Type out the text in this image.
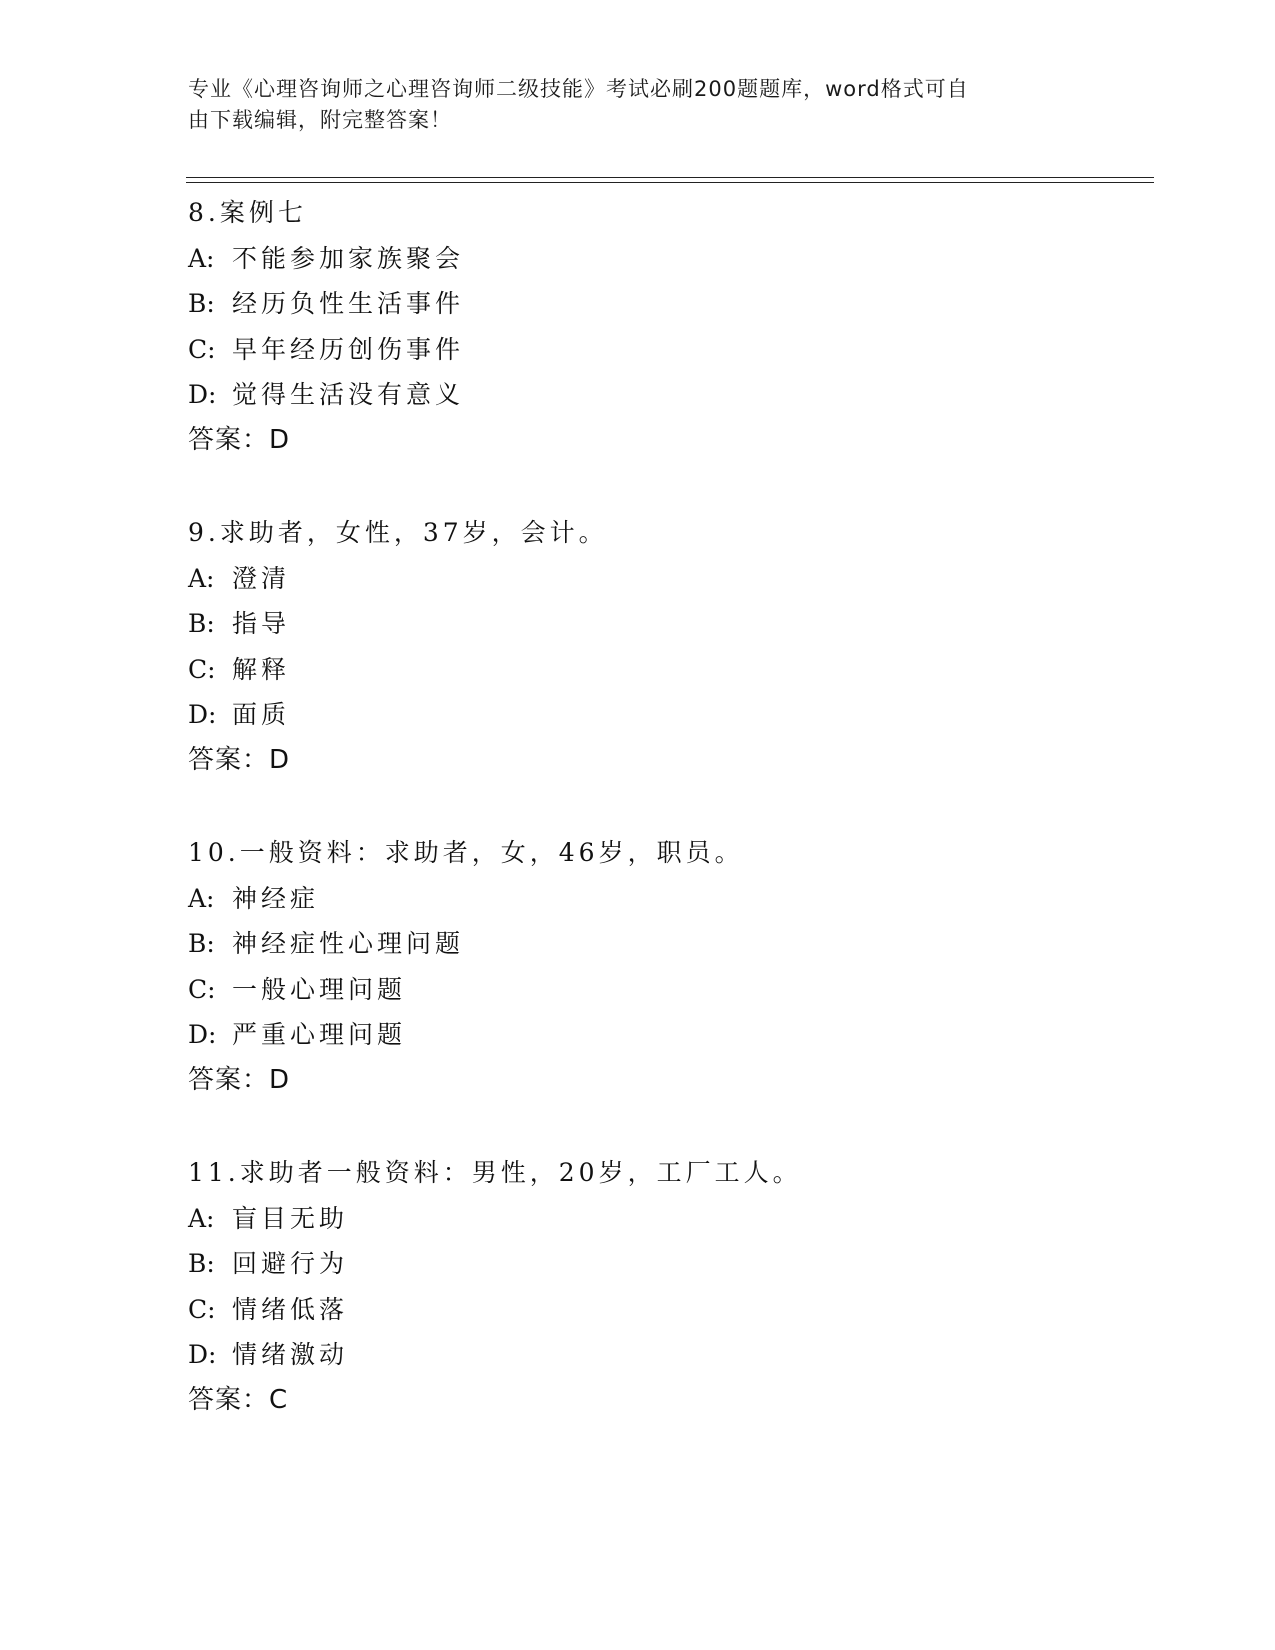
专业《心理咨询师之心理咨询师二级技能》考试必刷200题题库，word格式可自
由下载编辑，附完整答案！
8.案例七
A: 不能参加家族聚会
B: 经历负性生活事件
C: 早年经历创伤事件
D: 觉得生活没有意义
答案：D
9.求助者，女性，37岁，会计。
A: 澄清
B: 指导
C: 解释
D: 面质
答案：D
10.一般资料：求助者，女，46岁，职员。
A: 神经症
B: 神经症性心理问题
C: 一般心理问题
D: 严重心理问题
答案：D
11.求助者一般资料：男性，20岁，工厂工人。
A: 盲目无助
B: 回避行为
C: 情绪低落
D: 情绪激动
答案：C
